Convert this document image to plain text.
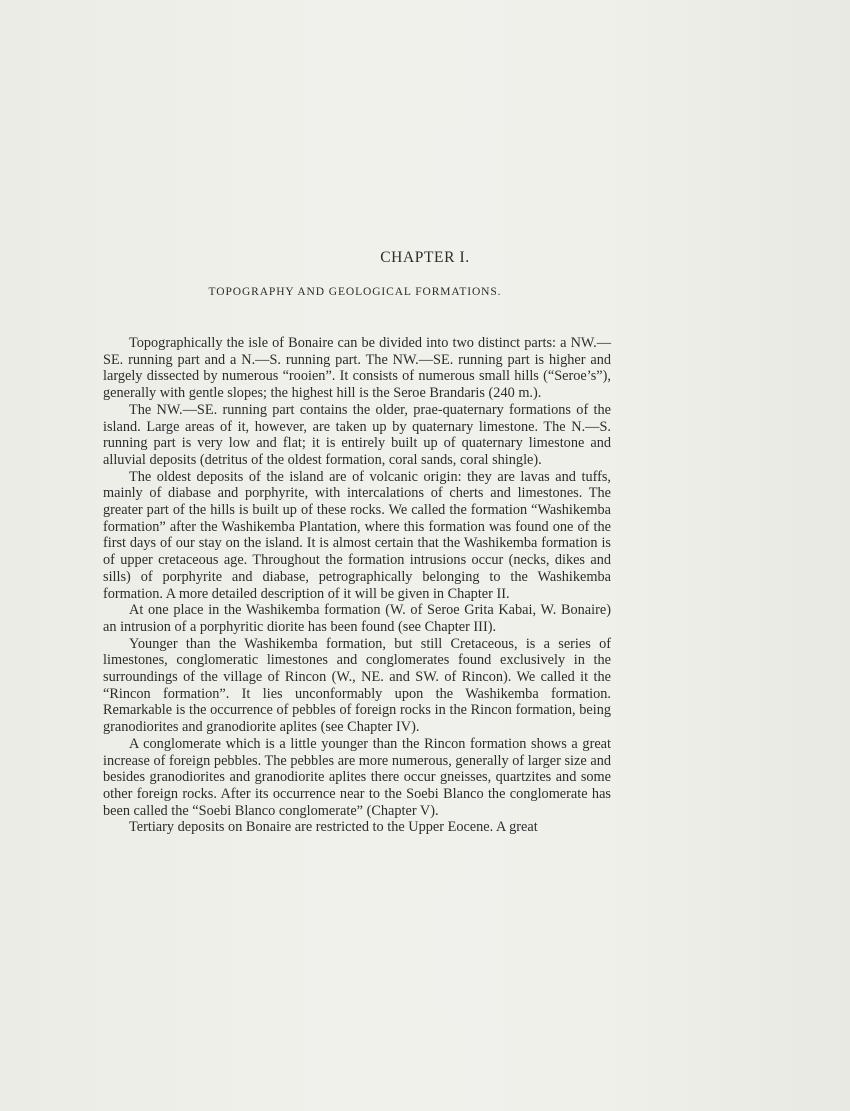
CHAPTER I.
TOPOGRAPHY AND GEOLOGICAL FORMATIONS.

Topographically the isle of Bonaire can be divided into two distinct parts: a NW.—SE. running part and a N.—S. running part. The NW.—SE. running part is higher and largely dissected by numerous “rooien”. It consists of numerous small hills (“Seroe’s”), generally with gentle slopes; the highest hill is the Seroe Brandaris (240 m.).

The NW.—SE. running part contains the older, prae-quaternary formations of the island. Large areas of it, however, are taken up by quaternary limestone. The N.—S. running part is very low and flat; it is entirely built up of quaternary limestone and alluvial deposits (detritus of the oldest formation, coral sands, coral shingle).

The oldest deposits of the island are of volcanic origin: they are lavas and tuffs, mainly of diabase and porphyrite, with intercalations of cherts and limestones. The greater part of the hills is built up of these rocks. We called the formation “Washikemba formation” after the Washikemba Plantation, where this formation was found one of the first days of our stay on the island. It is almost certain that the Washikemba formation is of upper cretaceous age. Throughout the formation intrusions occur (necks, dikes and sills) of porphyrite and diabase, petrographically belonging to the Washikemba formation. A more detailed description of it will be given in Chapter II.

At one place in the Washikemba formation (W. of Seroe Grita Kabai, W. Bonaire) an intrusion of a porphyritic diorite has been found (see Chapter III).

Younger than the Washikemba formation, but still Cretaceous, is a series of limestones, conglomeratic limestones and conglomerates found exclusively in the surroundings of the village of Rincon (W., NE. and SW. of Rincon). We called it the “Rincon formation”. It lies unconformably upon the Washikemba formation. Remarkable is the occurrence of pebbles of foreign rocks in the Rincon formation, being granodiorites and granodiorite aplites (see Chapter IV).

A conglomerate which is a little younger than the Rincon formation shows a great increase of foreign pebbles. The pebbles are more numerous, generally of larger size and besides granodiorites and granodiorite aplites there occur gneisses, quartzites and some other foreign rocks. After its occurrence near to the Soebi Blanco the conglomerate has been called the “Soebi Blanco conglomerate” (Chapter V).

Tertiary deposits on Bonaire are restricted to the Upper Eocene. A great
